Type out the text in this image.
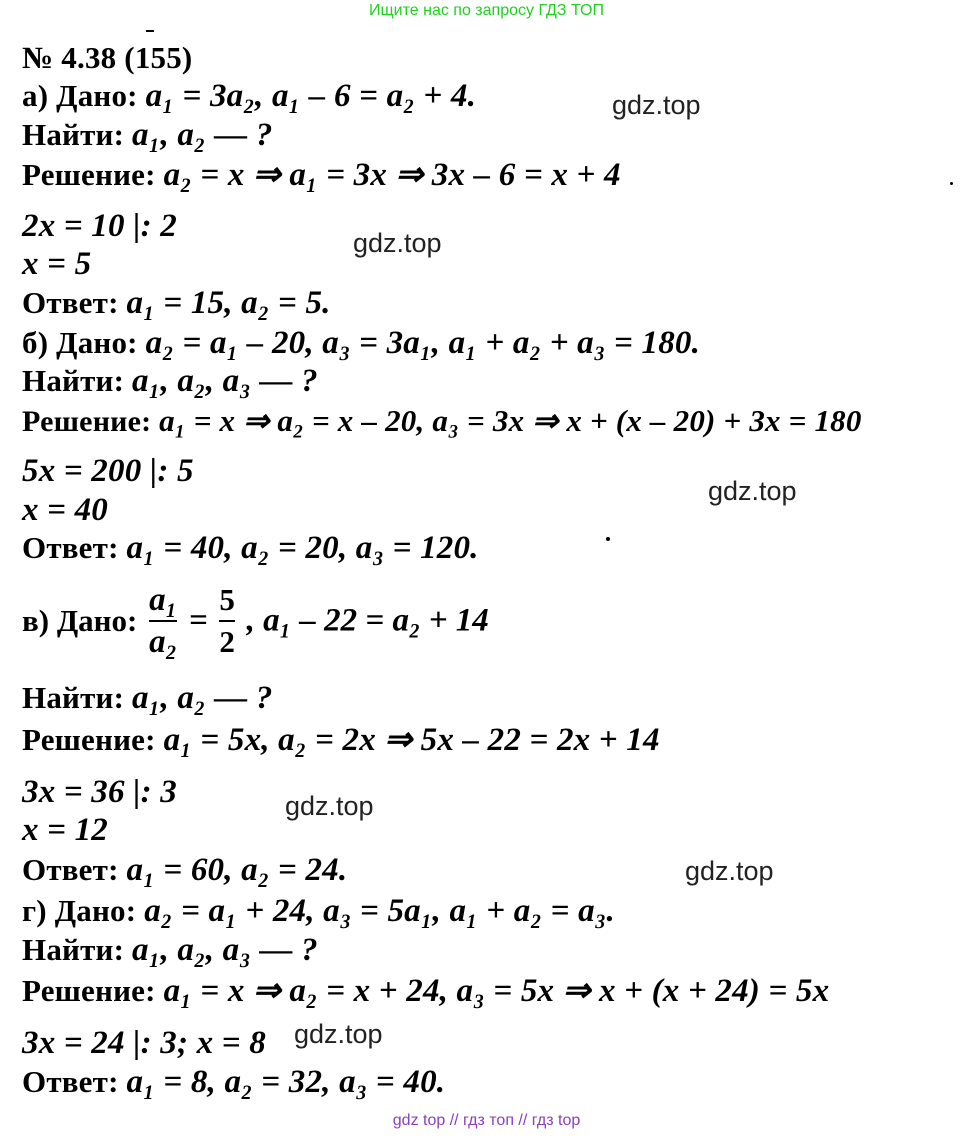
Ищите нас по запросу ГДЗ ТОП
№ 4.38 (155)
а) Дано: a₁ = 3a₂, a₁ – 6 = a₂ + 4.
Найти: a₁, a₂ — ?
Решение: a₂ = x ⇒ a₁ = 3x ⇒ 3x – 6 = x + 4
2x = 10 |: 2
x = 5
Ответ: a₁ = 15, a₂ = 5.
б) Дано: a₂ = a₁ – 20, a₃ = 3a₁, a₁ + a₂ + a₃ = 180.
Найти: a₁, a₂, a₃ — ?
Решение: a₁ = x ⇒ a₂ = x – 20, a₃ = 3x ⇒ x + (x – 20) + 3x = 180
5x = 200 |: 5
x = 40
Ответ: a₁ = 40, a₂ = 20, a₃ = 120.
в) Дано: $\frac{\text{a₁}}{\text{a₂}} = \frac{5}{2}$ , a₁ – 22 = a₂ + 14
Найти: a₁, a₂ — ?
Решение: a₁ = 5x, a₂ = 2x ⇒ 5x – 22 = 2x + 14
3x = 36 |: 3
x = 12
Ответ: a₁ = 60, a₂ = 24.
г) Дано: a₂ = a₁ + 24, a₃ = 5a₁, a₁ + a₂ = a₃.
Найти: a₁, a₂, a₃ — ?
Решение: a₁ = x ⇒ a₂ = x + 24, a₃ = 5x ⇒ x + (x + 24) = 5x
3x = 24 |: 3; x = 8
Ответ: a₁ = 8, a₂ = 32, a₃ = 40.
gdz.top
gdz.top
gdz.top
gdz.top
gdz.top
gdz.top
gdz top // гдз топ // гдз top
